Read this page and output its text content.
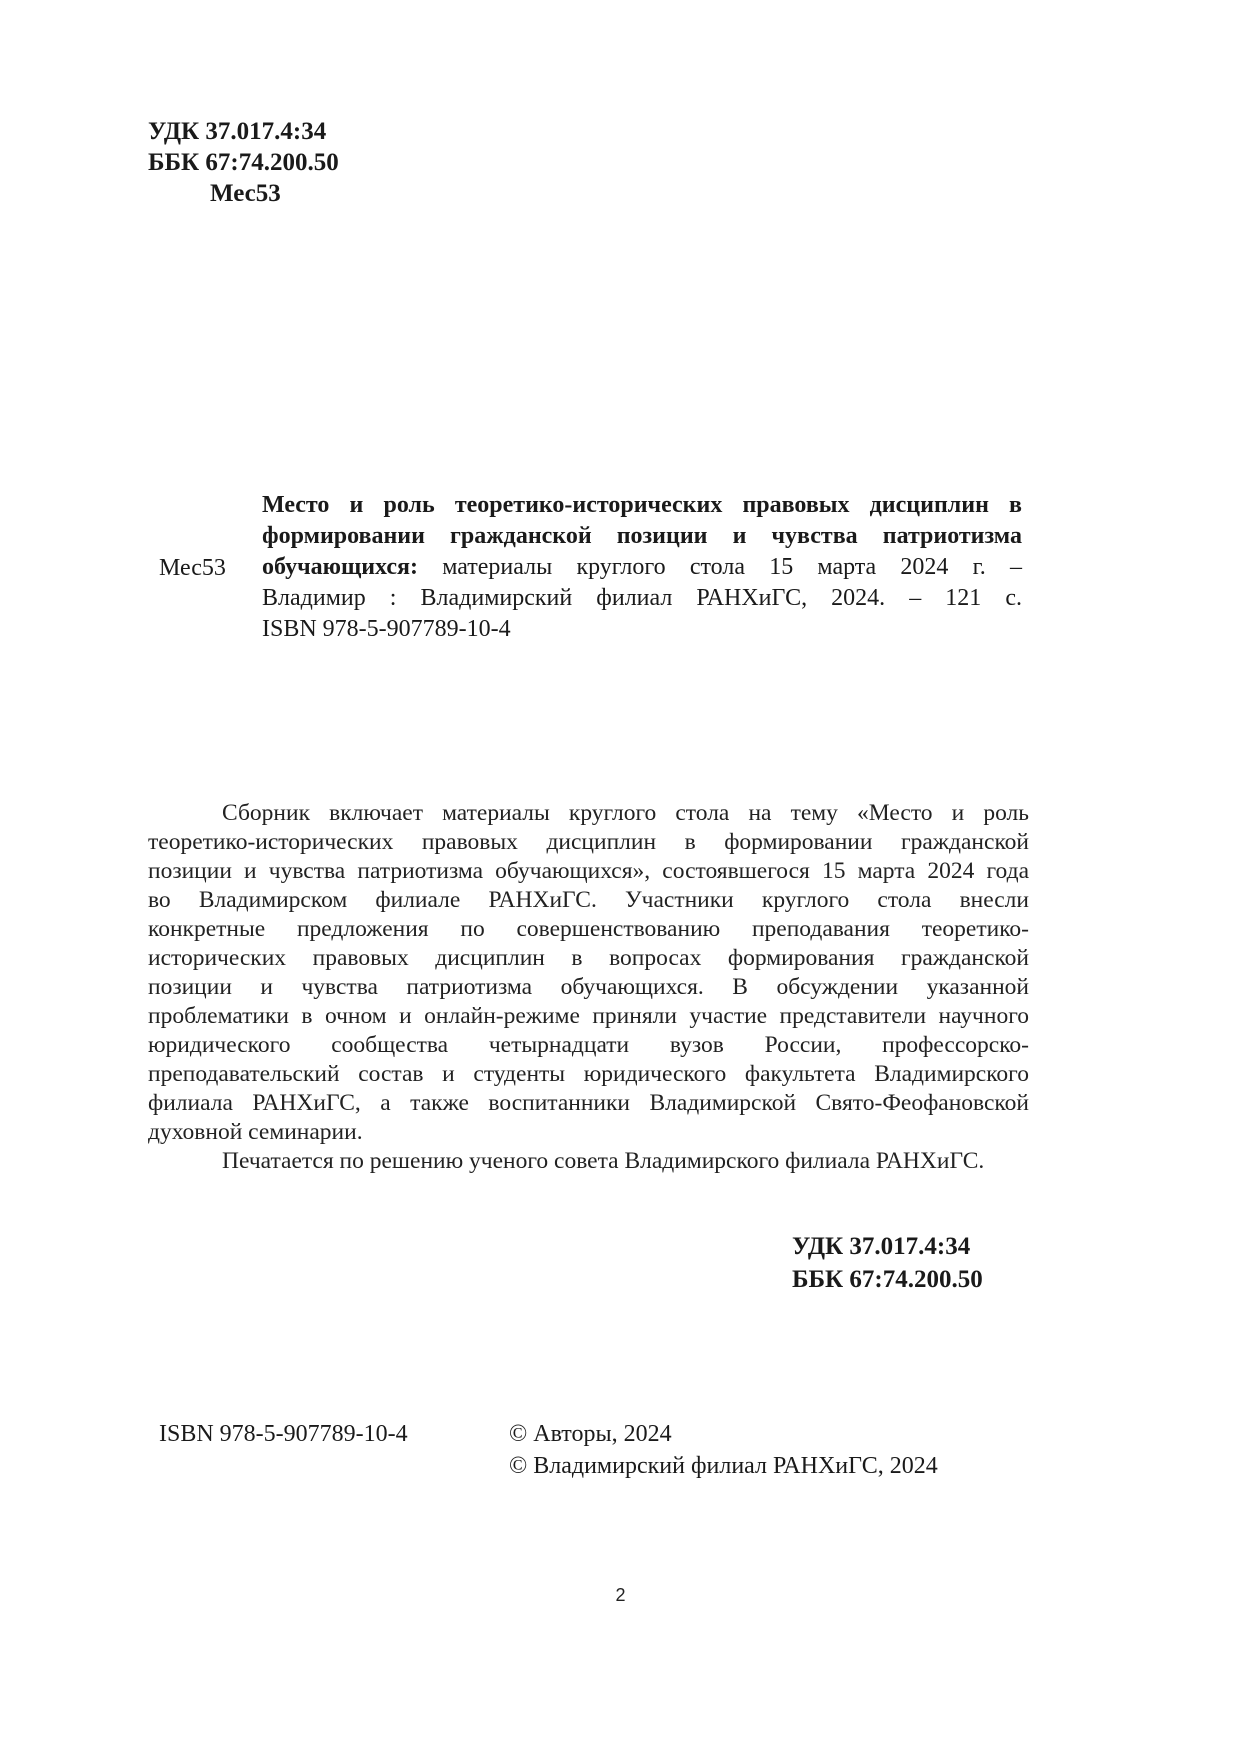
УДК 37.017.4:34
ББК 67:74.200.50
Мес53
Мес53
Место и роль теоретико-исторических правовых дисциплин в
формировании гражданской позиции и чувства патриотизма
обучающихся: материалы круглого стола 15 марта 2024 г. –
Владимир : Владимирский филиал РАНХиГС, 2024. – 121 с.
ISBN 978-5-907789-10-4
Сборник включает материалы круглого стола на тему «Место и роль
теоретико-исторических правовых дисциплин в формировании гражданской
позиции и чувства патриотизма обучающихся», состоявшегося 15 марта 2024 года
во Владимирском филиале РАНХиГС. Участники круглого стола внесли
конкретные предложения по совершенствованию преподавания теоретико-
исторических правовых дисциплин в вопросах формирования гражданской
позиции и чувства патриотизма обучающихся. В обсуждении указанной
проблематики в очном и онлайн-режиме приняли участие представители научного
юридического сообщества четырнадцати вузов России, профессорско-
преподавательский состав и студенты юридического факультета Владимирского
филиала РАНХиГС, а также воспитанники Владимирской Свято-Феофановской
духовной семинарии.
Печатается по решению ученого совета Владимирского филиала РАНХиГС.
УДК 37.017.4:34
ББК 67:74.200.50
ISBN 978-5-907789-10-4	© Авторы, 2024
© Владимирский филиал РАНХиГС, 2024
2
